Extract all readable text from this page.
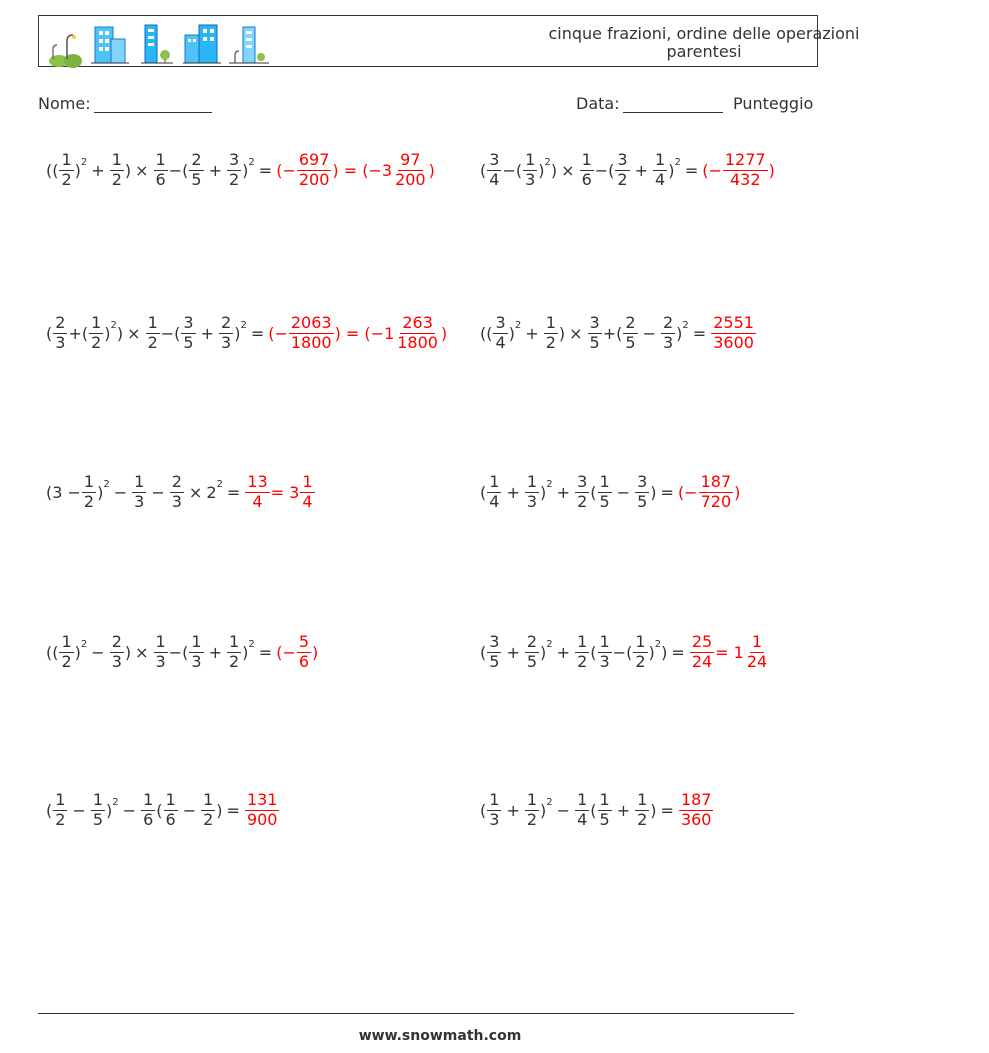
cinque frazioni, ordine delle operazioni
parentesi
Nome:	Data:	Punteggio
(( $\frac{1}{2}$ ) $2 + \frac{1}{2}$ ) × $\frac{1}{6}$ −( $\frac{2}{5} + \frac{3}{2}$ ) 2 = (− $\frac{697}{200}$ ) = ($-3 \frac{97}{200}$ )	( $\frac{3}{4}$ −( $\frac{1}{3}$ ) 2 ) × $\frac{1}{6}$ −( $\frac{3}{2} + \frac{1}{4}$ ) 2 = (− $\frac{1277}{432}$ )
( $\frac{2}{3}$ +( $\frac{1}{2}$ ) 2 ) × $\frac{1}{2}$ −( $\frac{3}{5} + \frac{2}{3}$ ) 2 = (− $\frac{2063}{1800}$ ) = ($-1 \frac{263}{1800}$ ) (( $\frac{3}{4}$ ) $2 + \frac{1}{2}$ ) × $\frac{3}{5}$ +( $\frac{2}{5} - \frac{2}{3}$ ) $2 = \frac{2551}{3600}$
($3 - \frac{1}{2}$ ) $2 - \frac{1}{3} - \frac{2}{3} \times 2$ $2 = \frac{13}{4} = 3 \frac{1}{4}$	( $\frac{1}{4} + \frac{1}{3}$ ) $2 + \frac{3}{2}$ ( $\frac{1}{5} - \frac{3}{5}$ ) = (− $\frac{187}{720}$ )
(( $\frac{1}{2}$ ) $2 - \frac{2}{3}$ ) × $\frac{1}{3}$ −( $\frac{1}{3} + \frac{1}{2}$ ) 2 = (− $\frac{5}{6}$ )	( $\frac{3}{5} + \frac{2}{5}$ ) $2 + \frac{1}{2}$ ( $\frac{1}{3}$ −( $\frac{1}{2}$ ) 2 ) = $\frac{25}{24} = 1 \frac{1}{24}$
( $\frac{1}{2} - \frac{1}{5}$ ) $2 - \frac{1}{6}$ ( $\frac{1}{6} - \frac{1}{2}$ ) = $\frac{131}{900}$	( $\frac{1}{3} + \frac{1}{2}$ ) $2 - \frac{1}{4}$ ( $\frac{1}{5} + \frac{1}{2}$ ) = $\frac{187}{360}$
www.snowmath.com
